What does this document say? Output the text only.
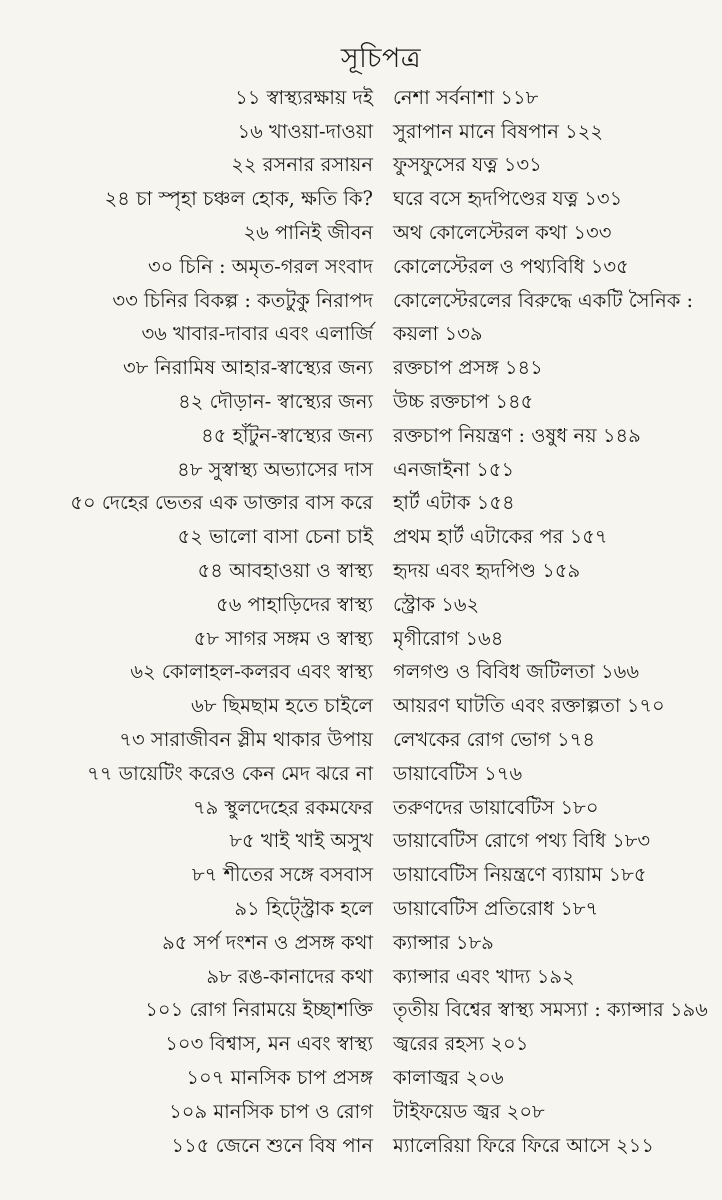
সূচিপত্র
১১ স্বাস্থ্যরক্ষায় দই	নেশা সর্বনাশা ১১৮
১৬ খাওয়া-দাওয়া	সুরাপান মানে বিষপান ১২২
২২ রসনার রসায়ন	ফুসফুসের যত্ন ১৩১
২৪ চা স্পৃহা চঞ্চল হোক, ক্ষতি কি?	ঘরে বসে হৃদপিণ্ডের যত্ন ১৩১
২৬ পানিই জীবন	অথ কোলেস্টেরল কথা ১৩৩
৩০ চিনি : অমৃত-গরল সংবাদ	কোলেস্টেরল ও পথ্যবিধি ১৩৫
৩৩ চিনির বিকল্প : কতটুকু নিরাপদ	কোলেস্টেরলের বিরুদ্ধে একটি সৈনিক :
৩৬ খাবার-দাবার এবং এলার্জি	কয়লা ১৩৯
৩৮ নিরামিষ আহার-স্বাস্থ্যের জন্য	রক্তচাপ প্রসঙ্গ ১৪১
৪২ দৌড়ান- স্বাস্থ্যের জন্য	উচ্চ রক্তচাপ ১৪৫
৪৫ হাঁটুন-স্বাস্থ্যের জন্য	রক্তচাপ নিয়ন্ত্রণ : ওষুধ নয় ১৪৯
৪৮ সুস্বাস্থ্য অভ্যাসের দাস	এনজাইনা ১৫১
৫০ দেহের ভেতর এক ডাক্তার বাস করে	হার্ট এটাক ১৫৪
৫২ ভালো বাসা চেনা চাই	প্রথম হার্ট এটাকের পর ১৫৭
৫৪ আবহাওয়া ও স্বাস্থ্য	হৃদয় এবং হৃদপিণ্ড ১৫৯
৫৬ পাহাড়িদের স্বাস্থ্য	স্ট্রোক ১৬২
৫৮ সাগর সঙ্গম ও স্বাস্থ্য	মৃগীরোগ ১৬৪
৬২ কোলাহল-কলরব এবং স্বাস্থ্য	গলগণ্ড ও বিবিধ জটিলতা ১৬৬
৬৮ ছিমছাম হতে চাইলে	আয়রণ ঘাটতি এবং রক্তাল্পতা ১৭০
৭৩ সারাজীবন স্লীম থাকার উপায়	লেখকের রোগ ভোগ ১৭৪
৭৭ ডায়েটিং করেও কেন মেদ ঝরে না	ডায়াবেটিস ১৭৬
৭৯ স্থুলদেহের রকমফের	তরুণদের ডায়াবেটিস ১৮০
৮৫ খাই খাই অসুখ	ডায়াবেটিস রোগে পথ্য বিধি ১৮৩
৮৭ শীতের সঙ্গে বসবাস	ডায়াবেটিস নিয়ন্ত্রণে ব্যায়াম ১৮৫
৯১ হিট্স্ট্রোক হলে	ডায়াবেটিস প্রতিরোধ ১৮৭
৯৫ সর্প দংশন ও প্রসঙ্গ কথা	ক্যান্সার ১৮৯
৯৮ রঙ-কানাদের কথা	ক্যান্সার এবং খাদ্য ১৯২
১০১ রোগ নিরাময়ে ইচ্ছাশক্তি	তৃতীয় বিশ্বের স্বাস্থ্য সমস্যা : ক্যান্সার ১৯৬
১০৩ বিশ্বাস, মন এবং স্বাস্থ্য	জ্বরের রহস্য ২০১
১০৭ মানসিক চাপ প্রসঙ্গ	কালাজ্বর ২০৬
১০৯ মানসিক চাপ ও রোগ	টাইফয়েড জ্বর ২০৮
১১৫ জেনে শুনে বিষ পান	ম্যালেরিয়া ফিরে ফিরে আসে ২১১
